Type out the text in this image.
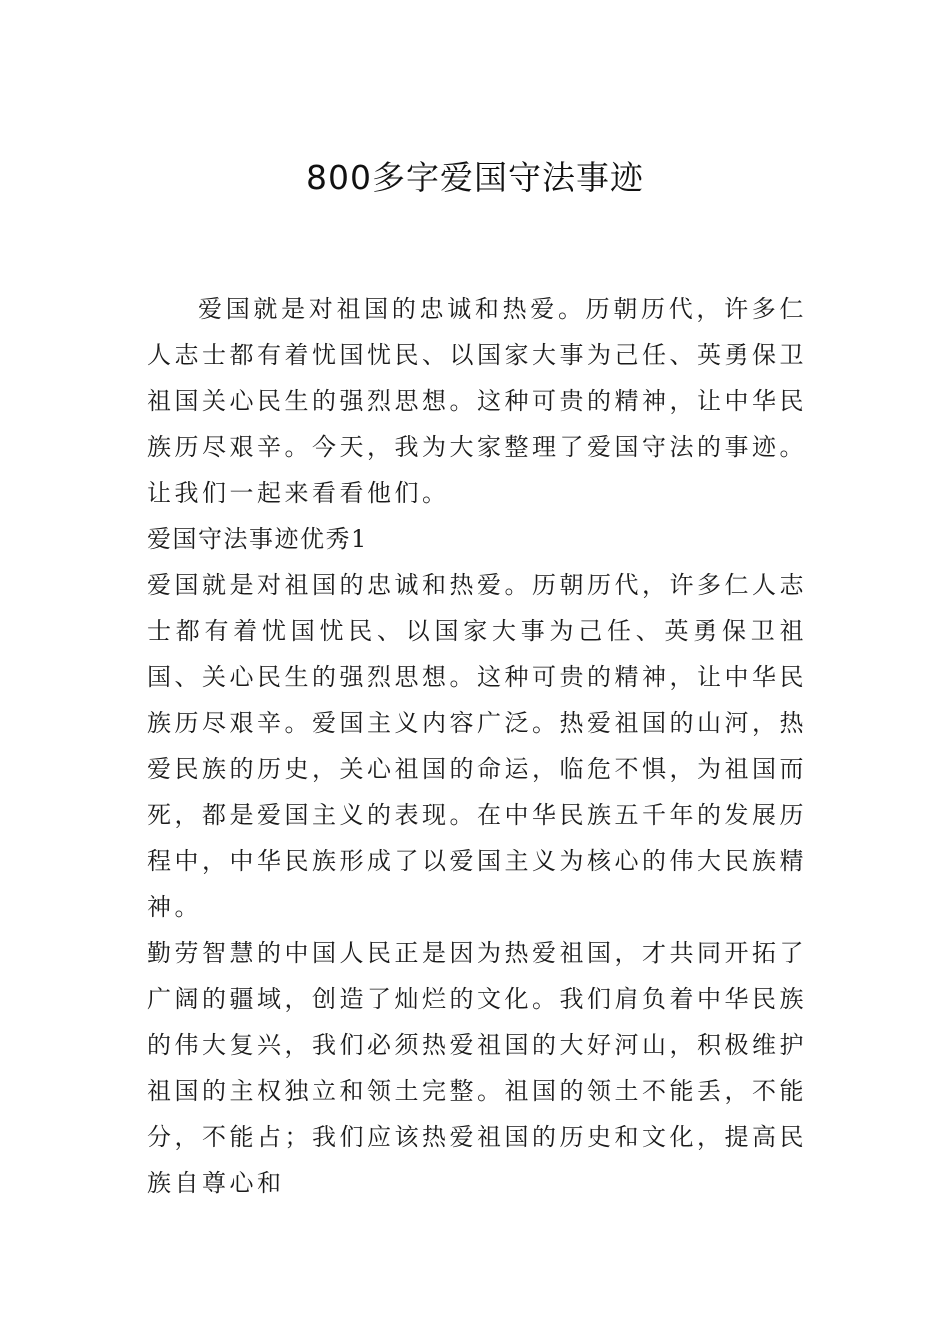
800多字爱国守法事迹

爱国就是对祖国的忠诚和热爱。历朝历代，许多仁人志士都有着忧国忧民、以国家大事为己任、英勇保卫祖国关心民生的强烈思想。这种可贵的精神，让中华民族历尽艰辛。今天，我为大家整理了爱国守法的事迹。让我们一起来看看他们。

爱国守法事迹优秀1

爱国就是对祖国的忠诚和热爱。历朝历代，许多仁人志士都有着忧国忧民、以国家大事为己任、英勇保卫祖国、关心民生的强烈思想。这种可贵的精神，让中华民族历尽艰辛。爱国主义内容广泛。热爱祖国的山河，热爱民族的历史，关心祖国的命运，临危不惧，为祖国而死，都是爱国主义的表现。在中华民族五千年的发展历程中，中华民族形成了以爱国主义为核心的伟大民族精神。

勤劳智慧的中国人民正是因为热爱祖国，才共同开拓了广阔的疆域，创造了灿烂的文化。我们肩负着中华民族的伟大复兴，我们必须热爱祖国的大好河山，积极维护祖国的主权独立和领土完整。祖国的领土不能丢，不能分，不能占；我们应该热爱祖国的历史和文化，提高民族自尊心和
